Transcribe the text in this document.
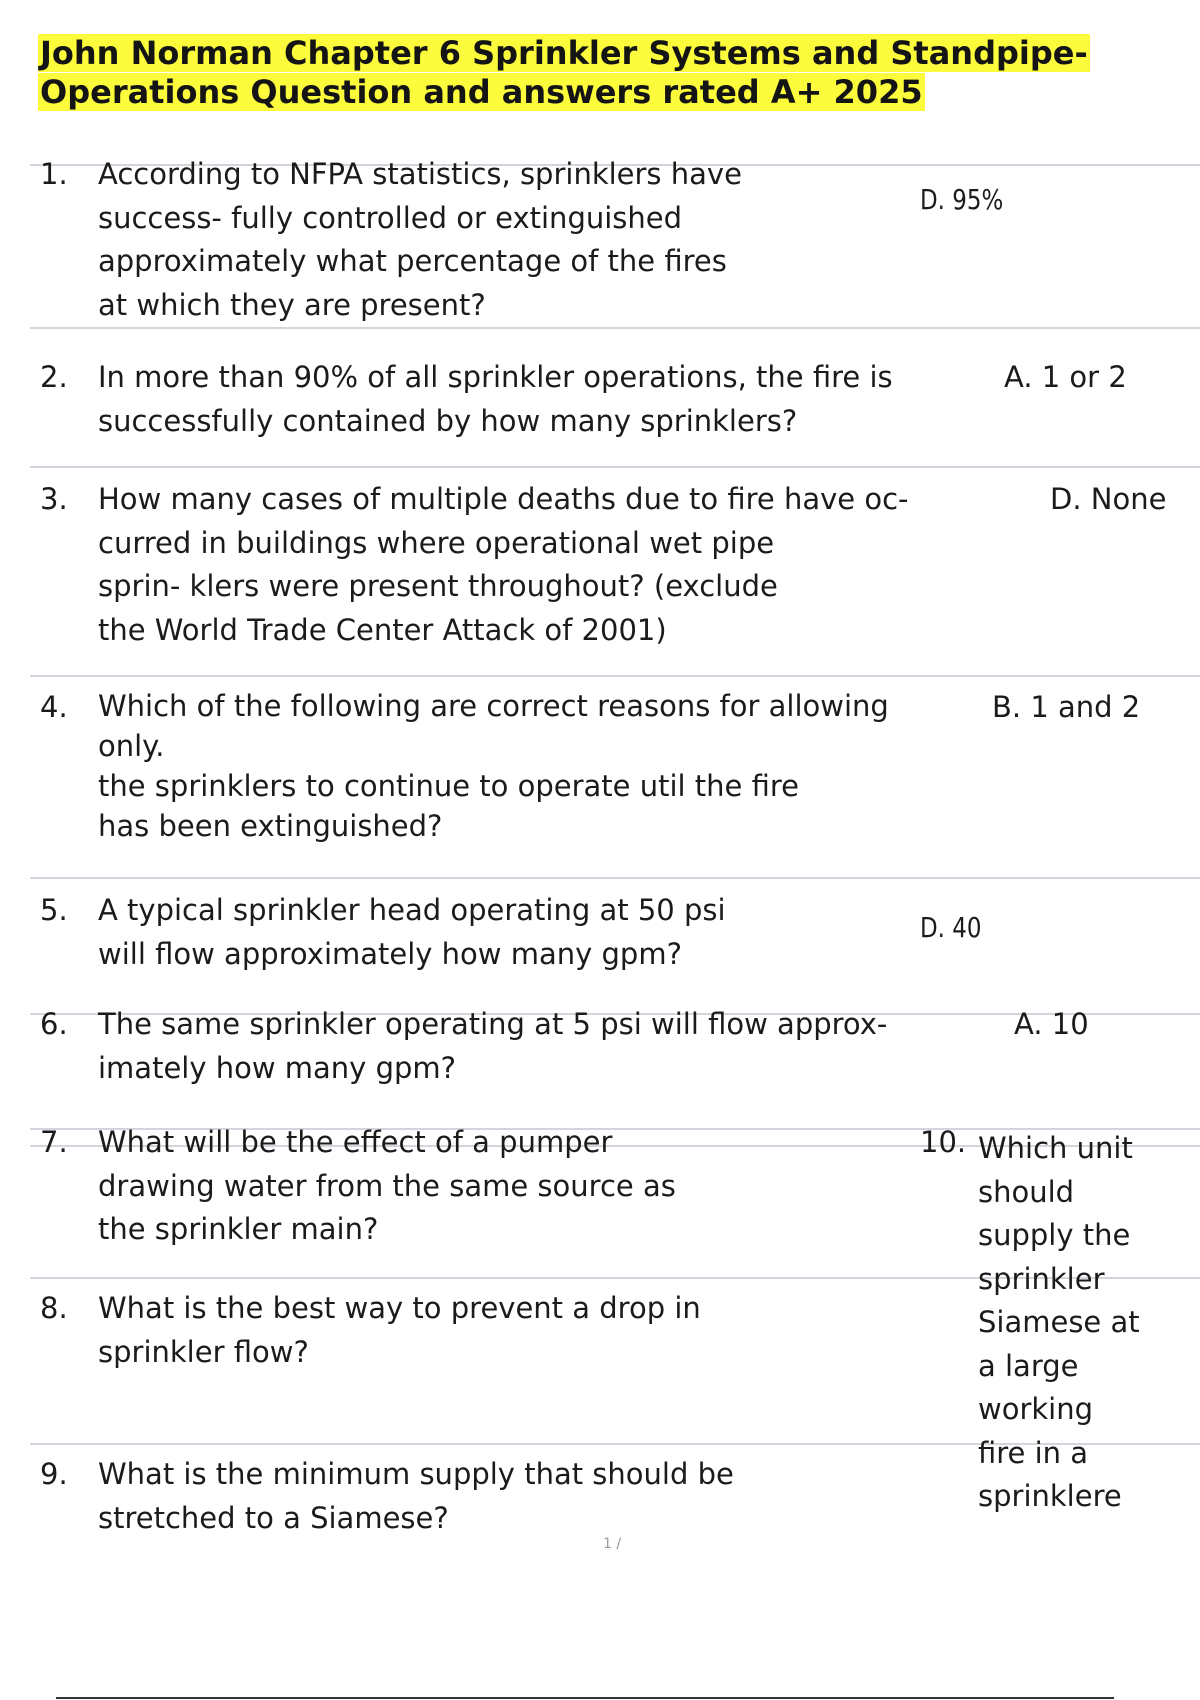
John Norman Chapter 6 Sprinkler Systems and Standpipe-
Operations Question and answers rated A+ 2025
1. According to NFPA statistics, sprinklers have
success- fully controlled or extinguished
approximately what percentage of the fires
at which they are present?
D. 95%
2. In more than 90% of all sprinkler operations, the fire is
successfully contained by how many sprinklers?
A. 1 or 2
3. How many cases of multiple deaths due to fire have oc-
curred in buildings where operational wet pipe
sprin- klers were present throughout? (exclude
the World Trade Center Attack of 2001)
D. None
4. Which of the following are correct reasons for allowing
only.
the sprinklers to continue to operate util the fire
has been extinguished?
B. 1 and 2
5. A typical sprinkler head operating at 50 psi
will flow approximately how many gpm?
D. 40
6. The same sprinkler operating at 5 psi will flow approx-
imately how many gpm?
A. 10
7. What will be the effect of a pumper
drawing water from the same source as
the sprinkler main?
8. What is the best way to prevent a drop in
sprinkler flow?
9. What is the minimum supply that should be
stretched to a Siamese?
10. Which unit
should
supply the
sprinkler
Siamese at
a large
working
fire in a
sprinklere
1 /
